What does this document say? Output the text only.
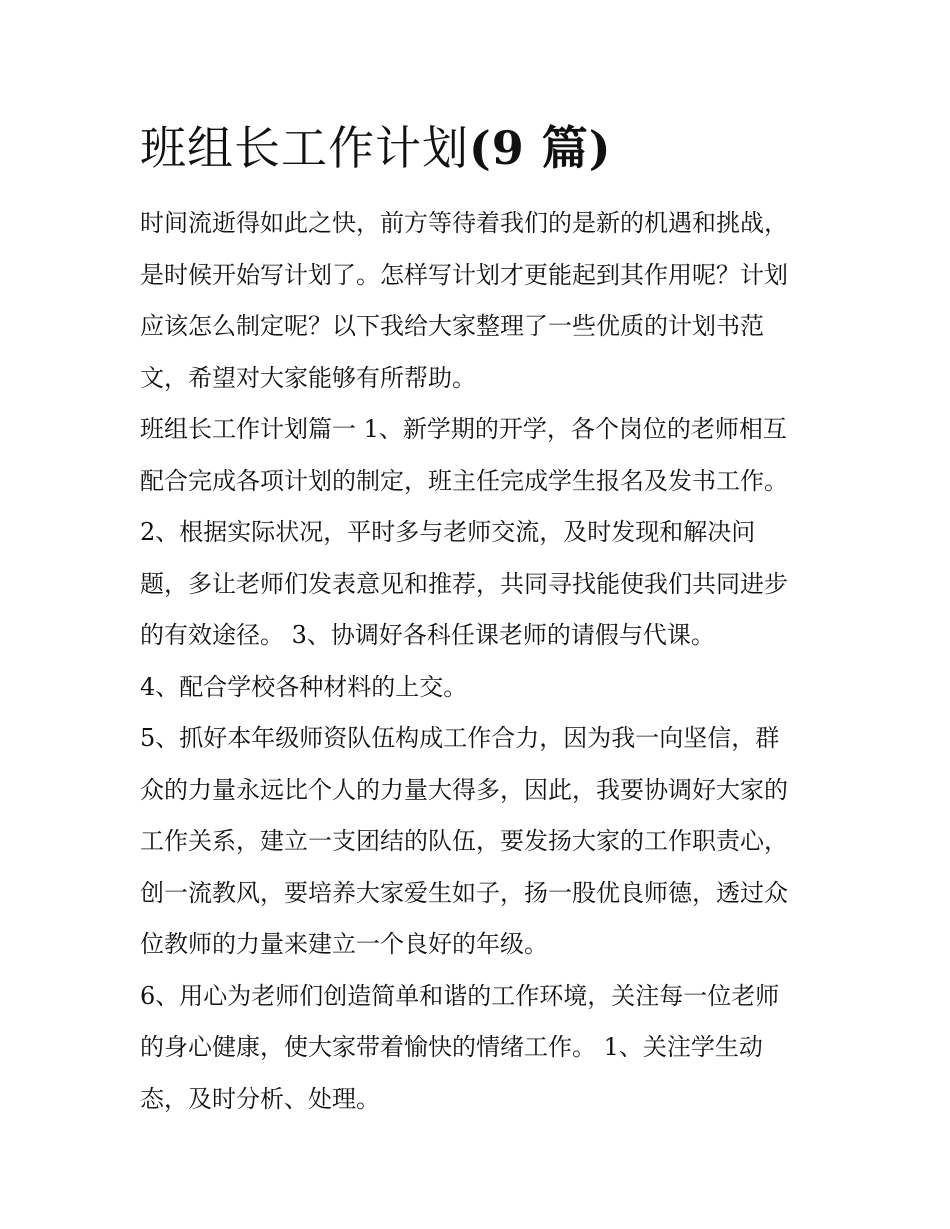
班组长工作计划(9 篇)
时间流逝得如此之快，前方等待着我们的是新的机遇和挑战，
是时候开始写计划了。怎样写计划才更能起到其作用呢？计划
应该怎么制定呢？以下我给大家整理了一些优质的计划书范
文，希望对大家能够有所帮助。
班组长工作计划篇一 1、新学期的开学，各个岗位的老师相互
配合完成各项计划的制定，班主任完成学生报名及发书工作。
2、根据实际状况，平时多与老师交流，及时发现和解决问
题，多让老师们发表意见和推荐，共同寻找能使我们共同进步
的有效途径。 3、协调好各科任课老师的请假与代课。
4、配合学校各种材料的上交。
5、抓好本年级师资队伍构成工作合力，因为我一向坚信，群
众的力量永远比个人的力量大得多，因此，我要协调好大家的
工作关系，建立一支团结的队伍，要发扬大家的工作职责心，
创一流教风，要培养大家爱生如子，扬一股优良师德，透过众
位教师的力量来建立一个良好的年级。
6、用心为老师们创造简单和谐的工作环境，关注每一位老师
的身心健康，使大家带着愉快的情绪工作。 1、关注学生动
态，及时分析、处理。
